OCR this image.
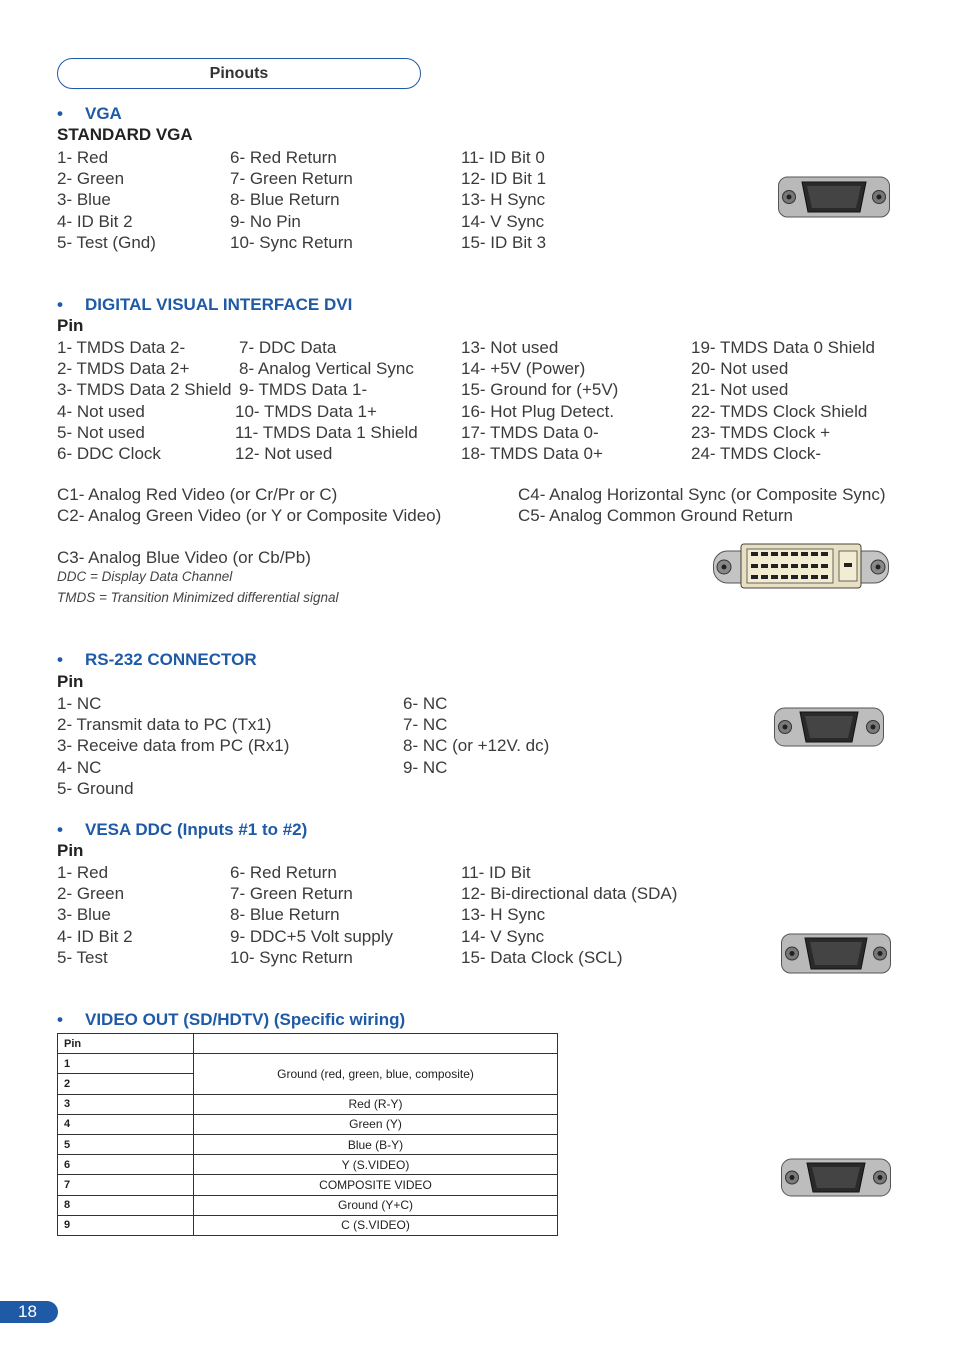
Pinouts
• VGA
STANDARD VGA
1- Red
2- Green
3- Blue
4- ID Bit 2
5- Test (Gnd)
6- Red Return
7- Green Return
8- Blue Return
9- No Pin
10- Sync Return
11- ID Bit 0
12- ID Bit 1
13- H Sync
14- V Sync
15- ID Bit 3
• DIGITAL VISUAL INTERFACE DVI
Pin
1- TMDS Data 2-
2- TMDS Data 2+
3- TMDS Data 2 Shield
4- Not used
5- Not used
6- DDC Clock
7- DDC Data
8- Analog Vertical Sync
9- TMDS Data 1-
10- TMDS Data 1+
11- TMDS Data 1 Shield
12- Not used
13- Not used
14- +5V (Power)
15- Ground for (+5V)
16- Hot Plug Detect.
17- TMDS Data 0-
18- TMDS Data 0+
19- TMDS Data 0 Shield
20- Not used
21- Not used
22- TMDS Clock Shield
23- TMDS Clock +
24- TMDS Clock-
C1- Analog Red Video (or Cr/Pr or C)
C2- Analog Green Video (or Y or Composite Video)
C4- Analog Horizontal Sync (or Composite Sync)
C5- Analog Common Ground Return
C3- Analog Blue Video (or Cb/Pb)
DDC = Display Data Channel
TMDS = Transition Minimized differential signal
• RS-232 CONNECTOR
Pin
1- NC
2- Transmit data to PC (Tx1)
3- Receive data from PC (Rx1)
4- NC
5- Ground
6- NC
7- NC
8- NC (or +12V. dc)
9- NC
• VESA DDC (Inputs #1 to #2)
Pin
1- Red
2- Green
3- Blue
4- ID Bit 2
5- Test
6- Red Return
7- Green Return
8- Blue Return
9- DDC+5 Volt supply
10- Sync Return
11- ID Bit
12- Bi-directional data (SDA)
13- H Sync
14- V Sync
15- Data Clock (SCL)
• VIDEO OUT (SD/HDTV) (Specific wiring)
Pin	
1	Ground (red, green, blue, composite)
2	
3	Red (R-Y)
4	Green (Y)
5	Blue (B-Y)
6	Y (S.VIDEO)
7	COMPOSITE VIDEO
8	Ground (Y+C)
9	C (S.VIDEO)
18
